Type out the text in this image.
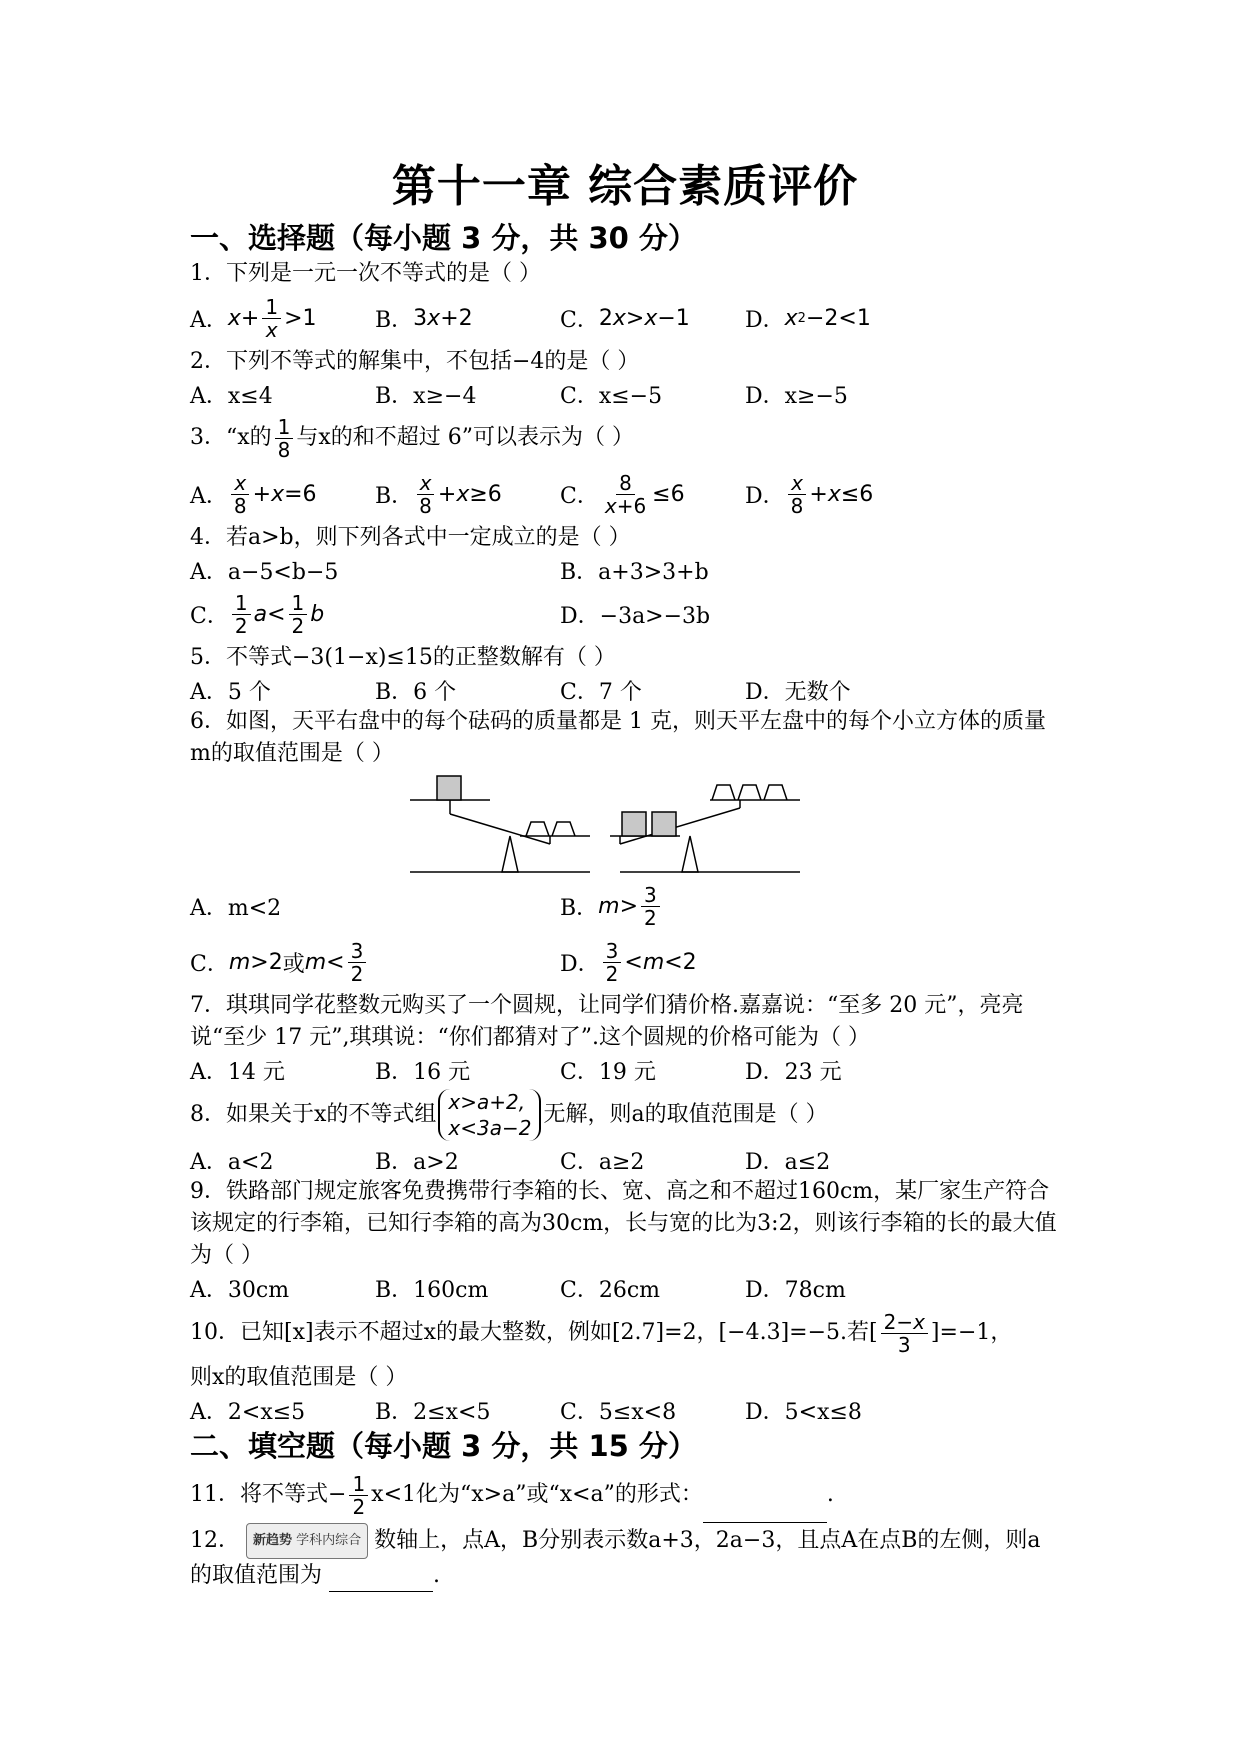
第十一章 综合素质评价
一、选择题（每小题 3 分，共 30 分）

1．下列是一元一次不等式的是（ ）

A． $x + \frac{1}{x} >1$	B． 3 x +2	C． 2 x > x −1	D． x 2 −2<1

2．下列不等式的解集中，不包括−4的是（ ）

A．x≤4	B．x≥−4	C．x≤−5	D．x≥−5

3．“x的 $\frac{1}{8}$ 与x的和不超过 6”可以表示为（ ）

A． $\frac{x}{8} + x =6$	B． $\frac{x}{8} + x \ge 6$	C． $\frac{8}{x+6} \le 6$	D． $\frac{x}{8} + x \le 6$

4．若a>b，则下列各式中一定成立的是（ ）

A．a−5<b−5	B．a+3>3+b
C． $\frac{1}{2}$ $a < \frac{1}{2}$ b	D．−3a>−3b

5．不等式−3(1−x)≤15的正整数解有（ ）

A．5 个	B．6 个	C．7 个	D．无数个

6．如图，天平右盘中的每个砝码的质量都是 1 克，则天平左盘中的每个小立方体的质量m的取值范围是（ ）

A．m<2	B． $m > \frac{3}{2}$
C． m >2 或 $m < \frac{3}{2}$	D． $\frac{3}{2} < m <2$

7．琪琪同学花整数元购买了一个圆规，让同学们猜价格.嘉嘉说：“至多 20 元”，亮亮说“至少 17 元”,琪琪说：“你们都猜对了”.这个圆规的价格可能为（ ）

A．14 元	B．16 元	C．19 元	D．23 元

8．如果关于x的不等式组 x>a+2,
x<3a−2
无解，则a的取值范围是（ ）

A．a<2	B．a>2	C．a≥2	D．a≤2

9．铁路部门规定旅客免费携带行李箱的长、宽、高之和不超过160cm，某厂家生产符合该规定的行李箱，已知行李箱的高为30cm，长与宽的比为3:2，则该行李箱的长的最大值为（ ）

A．30cm	B．160cm	C．26cm	D．78cm

10．已知[x]表示不超过x的最大整数，例如[2.7]=2，[−4.3]=−5.若[ $\frac{2-x}{3} ]=-1$，

则x的取值范围是（ ）

A．2<x≤5	B．2≤x<5	C．5≤x<8	D．5<x≤8
二、填空题（每小题 3 分，共 15 分）

11．将不等式− $\frac{1}{2} x<1$化为“x>a”或“x<a”的形式：	.

12． 新趋势 学科内综合 数轴上，点A，B分别表示数a+3，2a−3，且点A在点B的左侧，则a的取值范围为	.
